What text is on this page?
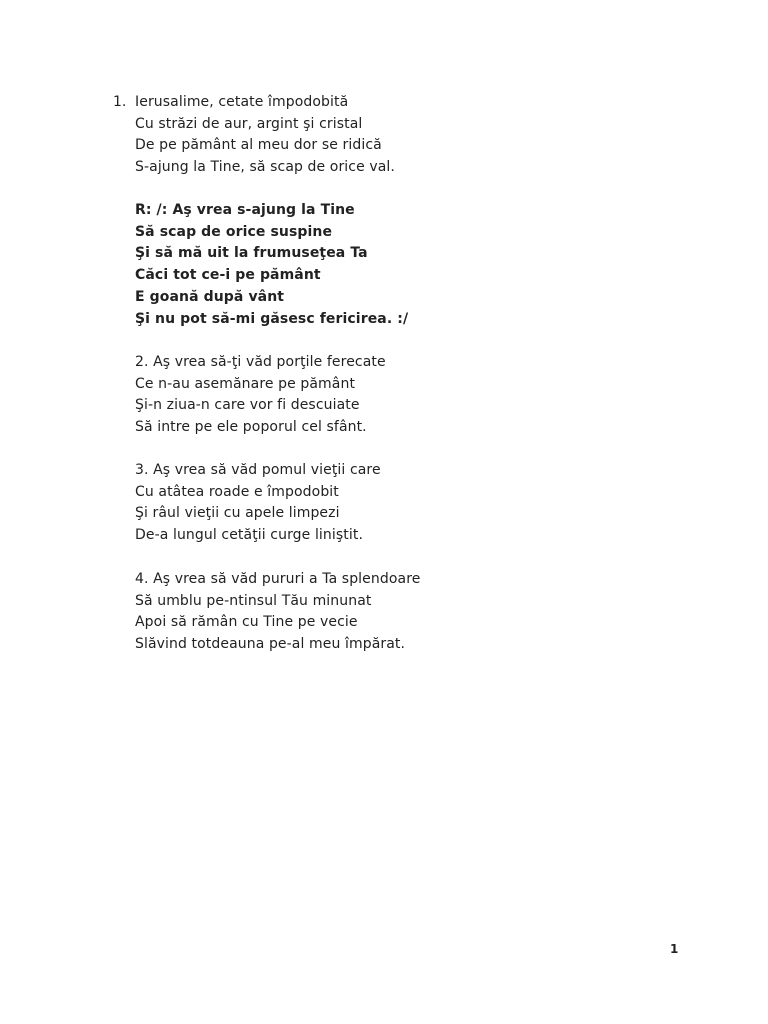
1. Ierusalime, cetate împodobită
Cu străzi de aur, argint şi cristal
De pe pământ al meu dor se ridică
S-ajung la Tine, să scap de orice val.
R: /: Aş vrea s-ajung la Tine
Să scap de orice suspine
Şi să mă uit la frumuseţea Ta
Căci tot ce-i pe pământ
E goană după vânt
Şi nu pot să-mi găsesc fericirea. :/
2. Aş vrea să-ţi văd porţile ferecate
Ce n-au asemănare pe pământ
Şi-n ziua-n care vor fi descuiate
Să intre pe ele poporul cel sfânt.
3. Aş vrea să văd pomul vieţii care
Cu atâtea roade e împodobit
Şi râul vieţii cu apele limpezi
De-a lungul cetăţii curge liniştit.
4. Aş vrea să văd pururi a Ta splendoare
Să umblu pe-ntinsul Tău minunat
Apoi să rămân cu Tine pe vecie
Slăvind totdeauna pe-al meu împărat.
1
